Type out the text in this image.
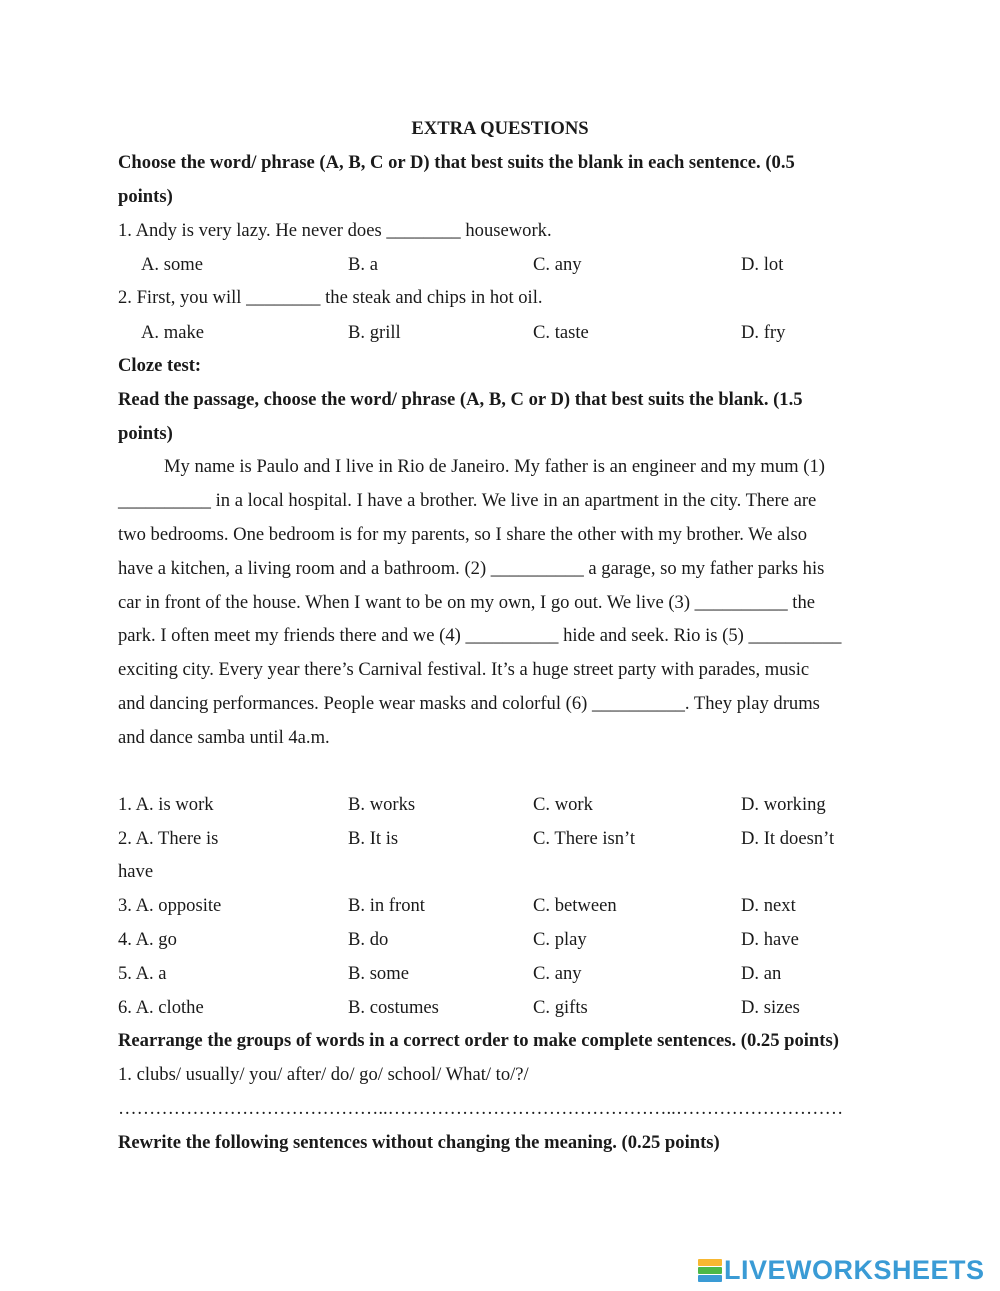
EXTRA QUESTIONS

Choose the word/ phrase (A, B, C or D) that best suits the blank in each sentence. (0.5

points)

1. Andy is very lazy. He never does ________ housework.

A. some	B. a	C. any	D. lot

2. First, you will ________ the steak and chips in hot oil.

A. make	B. grill	C. taste	D. fry

Cloze test:

Read the passage, choose the word/ phrase (A, B, C or D) that best suits the blank. (1.5

points)

My name is Paulo and I live in Rio de Janeiro. My father is an engineer and my mum (1)

__________ in a local hospital. I have a brother. We live in an apartment in the city. There are

two bedrooms. One bedroom is for my parents, so I share the other with my brother. We also

have a kitchen, a living room and a bathroom. (2) __________ a garage, so my father parks his

car in front of the house. When I want to be on my own, I go out. We live (3) __________ the

park. I often meet my friends there and we (4) __________ hide and seek. Rio is (5) __________

exciting city. Every year there’s Carnival festival. It’s a huge street party with parades, music

and dancing performances. People wear masks and colorful (6) __________. They play drums

and dance samba until 4a.m.

1. A. is work	B. works	C. work	D. working
2. A. There is	B. It is	C. There isn’t	D. It doesn’t
have
3. A. opposite	B. in front	C. between	D. next
4. A. go	B. do	C. play	D. have
5. A. a	B. some	C. any	D. an
6. A. clothe	B. costumes	C. gifts	D. sizes

Rearrange the groups of words in a correct order to make complete sentences. (0.25 points)

1. clubs/ usually/ you/ after/ do/ go/ school/ What/ to/?/

……………………………………..………………………………………..………………………

Rewrite the following sentences without changing the meaning. (0.25 points)

LIVEWORKSHEETS
